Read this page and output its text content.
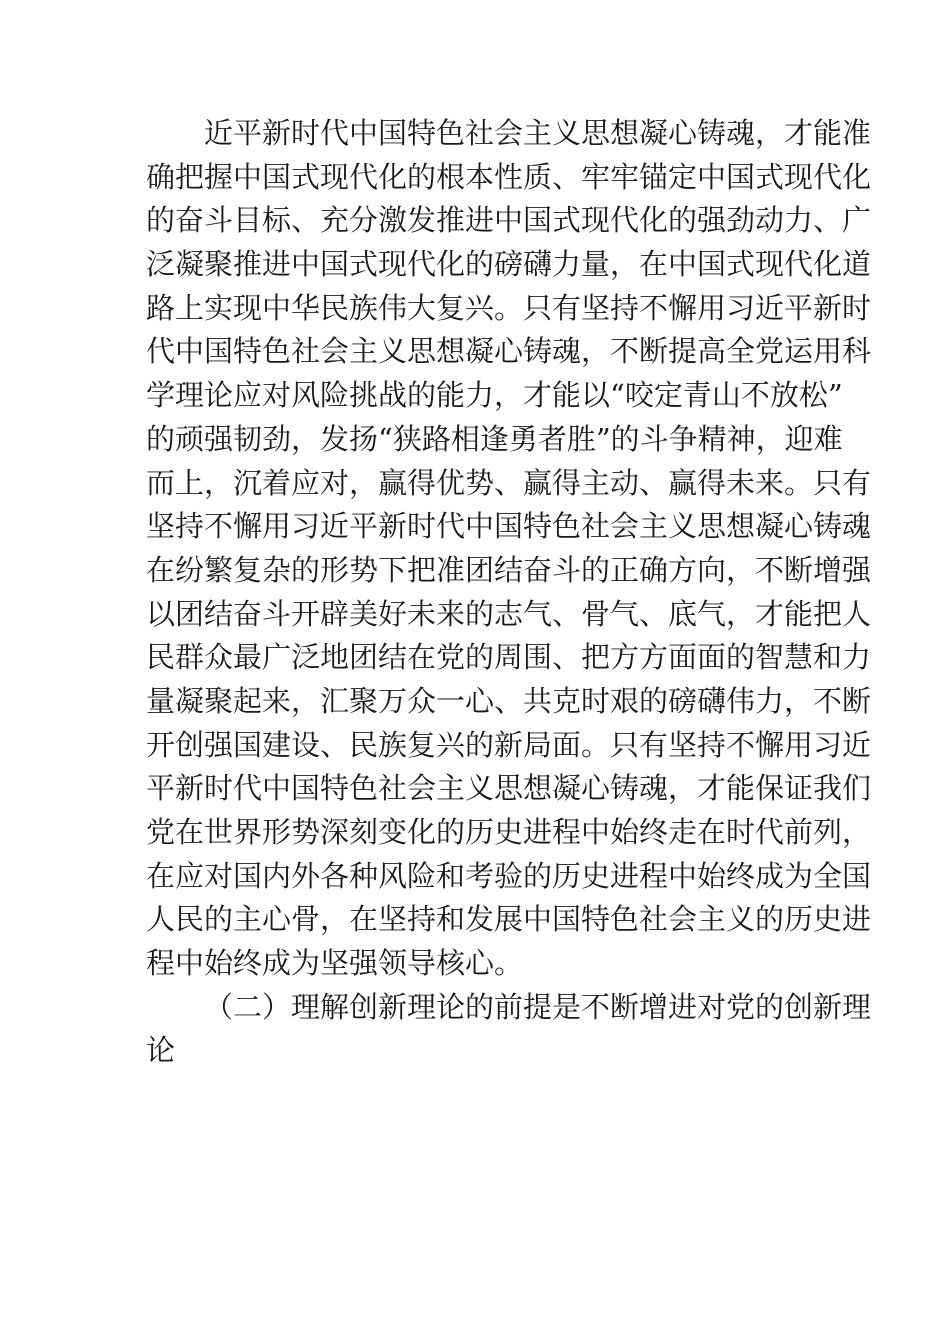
近平新时代中国特色社会主义思想凝心铸魂，才能准
确把握中国式现代化的根本性质、牢牢锚定中国式现代化
的奋斗目标、充分激发推进中国式现代化的强劲动力、广
泛凝聚推进中国式现代化的磅礴力量，在中国式现代化道
路上实现中华民族伟大复兴。只有坚持不懈用习近平新时
代中国特色社会主义思想凝心铸魂，不断提高全党运用科
学理论应对风险挑战的能力，才能以“咬定青山不放松”
的顽强韧劲，发扬“狭路相逢勇者胜”的斗争精神，迎难
而上，沉着应对，赢得优势、赢得主动、赢得未来。只有
坚持不懈用习近平新时代中国特色社会主义思想凝心铸魂
在纷繁复杂的形势下把准团结奋斗的正确方向，不断增强
以团结奋斗开辟美好未来的志气、骨气、底气，才能把人
民群众最广泛地团结在党的周围、把方方面面的智慧和力
量凝聚起来，汇聚万众一心、共克时艰的磅礴伟力，不断
开创强国建设、民族复兴的新局面。只有坚持不懈用习近
平新时代中国特色社会主义思想凝心铸魂，才能保证我们
党在世界形势深刻变化的历史进程中始终走在时代前列，
在应对国内外各种风险和考验的历史进程中始终成为全国
人民的主心骨，在坚持和发展中国特色社会主义的历史进
程中始终成为坚强领导核心。
（二）理解创新理论的前提是不断增进对党的创新理
论
